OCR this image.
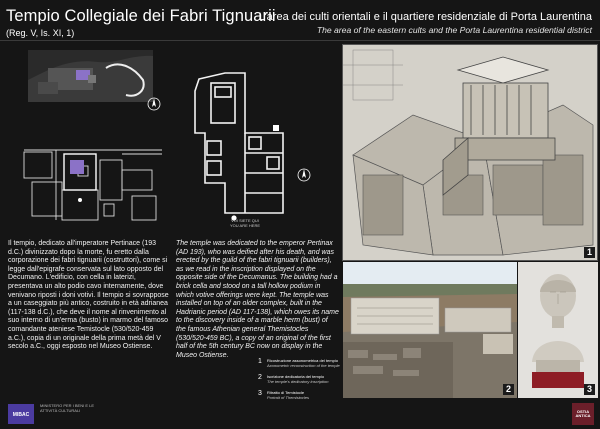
Tempio Collegiale dei Fabri Tignuarii
(Reg. V, Is. XI, 1)
L'area dei culti orientali e il quartiere residenziale di Porta Laurentina
The area of the eastern cults and the Porta Laurentina residential district
VOI SIETE QUI
YOU ARE HERE
Il tempio, dedicato all'imperatore Pertinace (193 d.C.) divinizzato dopo la morte, fu eretto dalla corporazione dei fabri tignuarii (costruttori), come si legge dall'epigrafe conservata sul lato opposto del Decumano. L'edificio, con cella in laterizi, presentava un alto podio cavo internamente, dove venivano riposti i doni votivi. Il tempio si sovrappose a un caseggiato più antico, costruito in età adrianea (117-138 d.C.), che deve il nome al rinvenimento al suo interno di un'erma (busto) in marmo del famoso comandante ateniese Temistocle (530/520-459 a.C.), copia di un originale della prima metà del V secolo a.C., oggi esposto nel Museo Ostiense.
The temple was dedicated to the emperor Pertinax (AD 193), who was deified after his death, and was erected by the guild of the fabri tignuarii (builders), as we read in the inscription displayed on the opposite side of the Decumanus. The building had a brick cella and stood on a tall hollow podium in which votive offerings were kept. The temple was installed on top of an older complex, built in the Hadrianic period (AD 117-138), which owes its name to the discovery inside of a marble herm (bust) of the famous Athenian general Themistocles (530/520-459 BC), a copy of an original of the first half of the 5th century BC now on display in the Museo Ostiense.
1	Ricostruzione assonometrica del tempio
Axonometric reconstruction of the temple
2	Iscrizione dedicatoria del tempio
The temple's dedicatory inscription
3	Ritratto di Temistocle
Portrait of Themistocles
1
2	3
MIBAC
MINISTERO PER I BENI E LE ATTIVITÀ CULTURALI	OSTIA ANTICA
